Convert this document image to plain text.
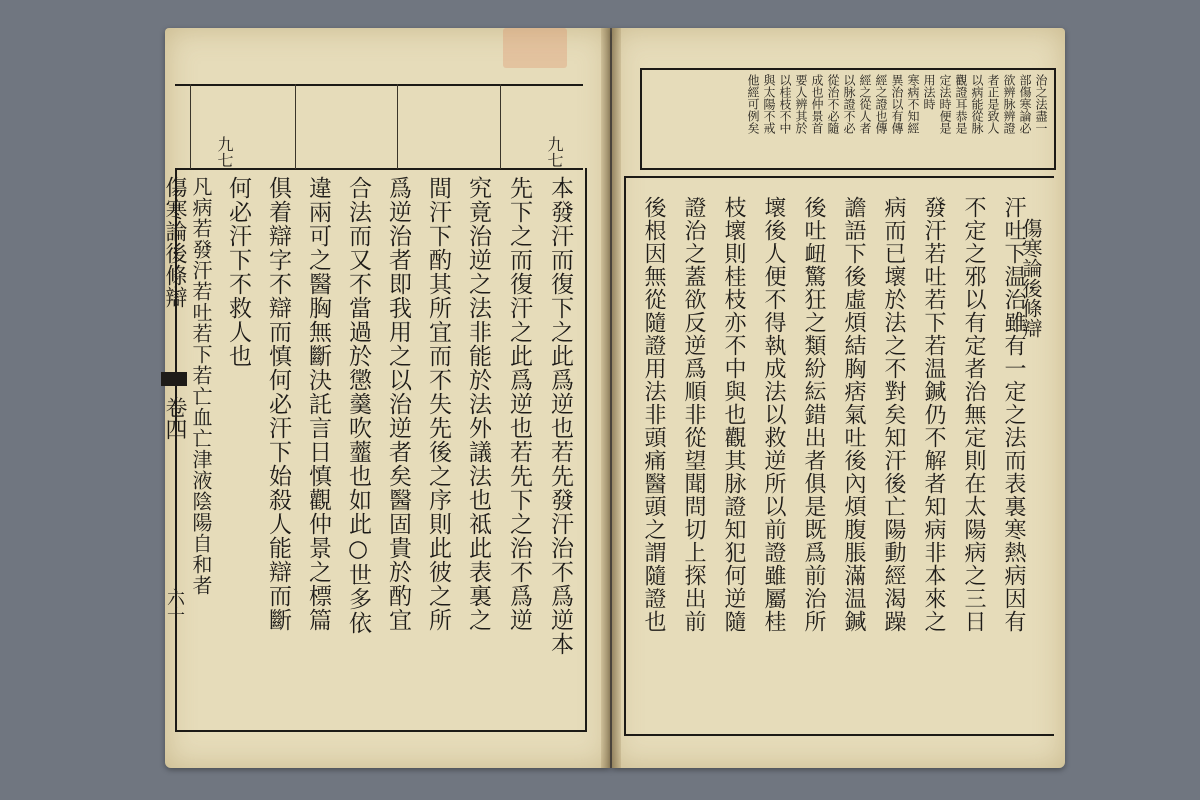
九七	九七
傷寒論後條辯
卷四
六十	本發汗而復下之此爲逆也若先發汗治不爲逆本
先下之而復汗之此爲逆也若先下之治不爲逆
究竟治逆之法非能於法外議法也祗此表裏之
間汗下酌其所宜而不失先後之序則此彼之所
爲逆治者即我用之以治逆者矣醫固貴於酌宜
合法而又不當過於懲羹吹虀也如此○世多依
違兩可之醫胸無斷決託言日慎觀仲景之標篇
俱着辯字不辯而慎何必汗下始殺人能辯而斷
何必汗下不救人也
凡病若發汗若吐若下若亡血亡津液陰陽自和者
治之法盡一
部傷寒論必
欲辨脉辨證
者正是致人
以病能從脉
觀證耳恭是
定法時便是
用法時
寒病不知經
異治以有傳
經之證也傳
經之從人者
以脉證不必
從治不必隨
成也仲景首
要人辨其於
以桂枝不中
與太陽不戒
他經可例矣
傷寒論後條辯
汗吐下温治雖有一定之法而表裏寒熱病因有
不定之邪以有定者治無定則在太陽病之三日
發汗若吐若下若温鍼仍不解者知病非本來之
病而已壞於法之不對矣知汗後亡陽動經渴躁
譫語下後虛煩結胸痞氣吐後內煩腹脹滿温鍼
後吐衄驚狂之類紛紜錯出者俱是既爲前治所
壞後人便不得執成法以救逆所以前證雖屬桂
枝壞則桂枝亦不中與也觀其脉證知犯何逆隨
證治之蓋欲反逆爲順非從望聞問切上探出前
後根因無從隨證用法非頭痛醫頭之謂隨證也
